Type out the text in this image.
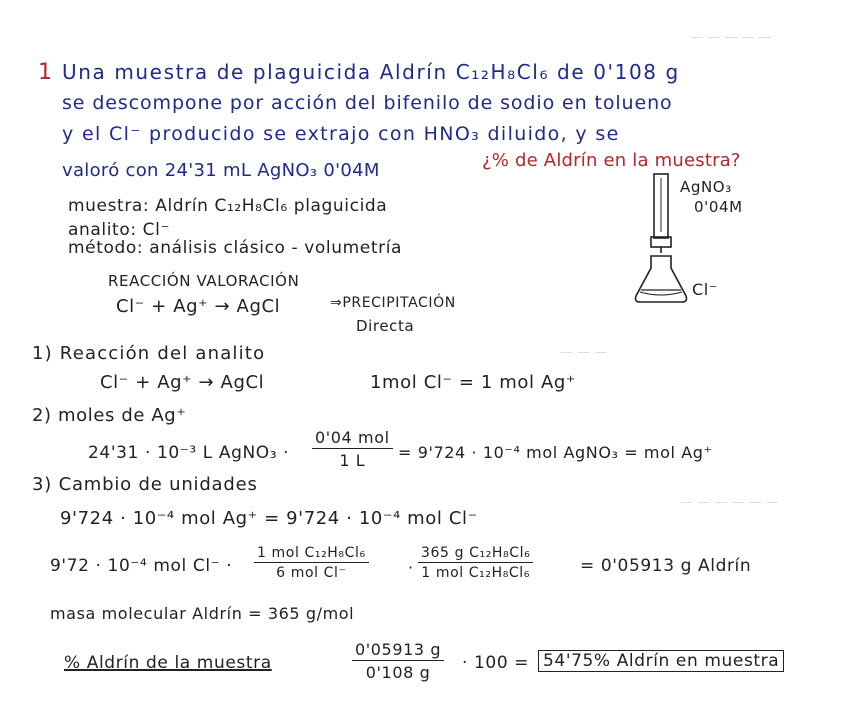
— — — — —
— — — — — —
— — —
1 Una muestra de plaguicida Aldrín C₁₂H₈Cl₆ de 0'108 g
se descompone por acción del bifenilo de sodio en tolueno
y el Cl⁻ producido se extrajo con HNO₃ diluido, y se
valoró con 24'31 mL AgNO₃ 0'04M	¿% de Aldrín en la muestra?
muestra: Aldrín C₁₂H₈Cl₆ plaguicida
analito: Cl⁻
método: análisis clásico - volumetría
AgNO₃
0'04M
Cl⁻
REACCIÓN VALORACIÓN
Cl⁻ + Ag⁺ → AgCl	⇒PRECIPITACIÓN
Directa
1) Reacción del analito
Cl⁻ + Ag⁺ → AgCl	1mol Cl⁻ = 1 mol Ag⁺
2) moles de Ag⁺
24'31 · 10⁻³ L AgNO₃ ·
0'04 mol
1 L	= 9'724 · 10⁻⁴ mol AgNO₃ = mol Ag⁺
3) Cambio de unidades
9'724 · 10⁻⁴ mol Ag⁺ = 9'724 · 10⁻⁴ mol Cl⁻
9'72 · 10⁻⁴ mol Cl⁻ ·
1 mol C₁₂H₈Cl₆
6 mol Cl⁻	·
365 g C₁₂H₈Cl₆
1 mol C₁₂H₈Cl₆	= 0'05913 g Aldrín
masa molecular Aldrín = 365 g/mol
% Aldrín de la muestra	$\frac{0'05913 g}{0'108 g} \cdot 100 = 54'75\%$ Aldrín en muestra
